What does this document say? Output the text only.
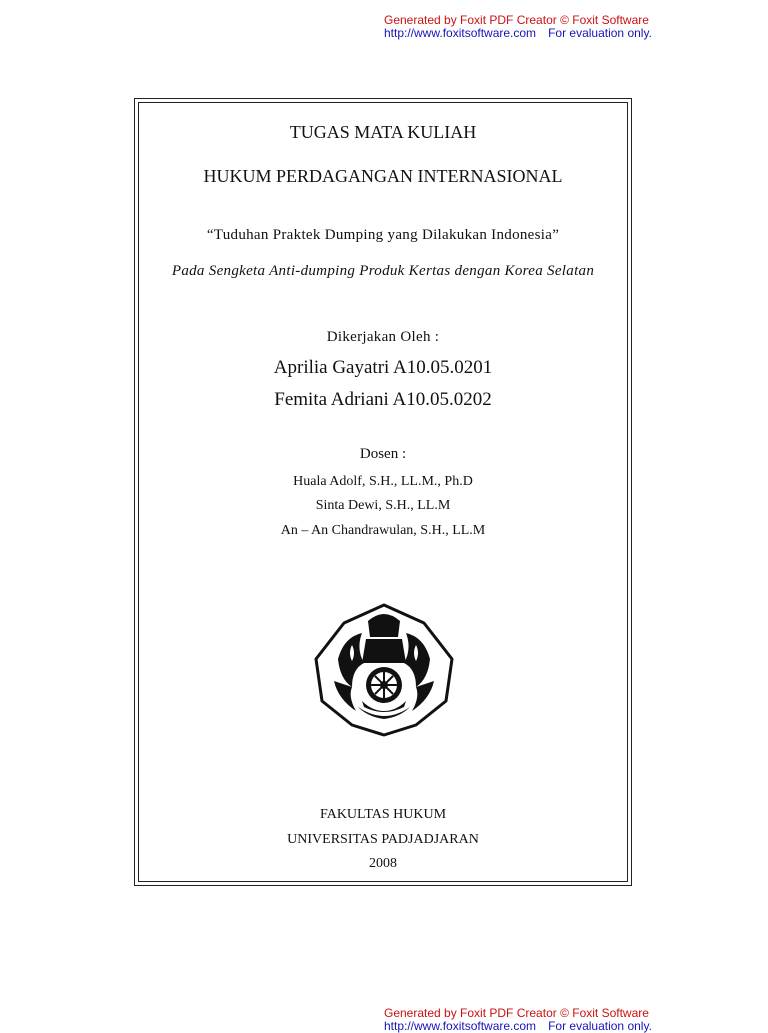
Generated by Foxit PDF Creator © Foxit Software
http://www.foxitsoftware.com For evaluation only.
TUGAS MATA KULIAH
HUKUM PERDAGANGAN INTERNASIONAL
“Tuduhan Praktek Dumping yang Dilakukan Indonesia”
Pada Sengketa Anti-dumping Produk Kertas dengan Korea Selatan
Dikerjakan Oleh :
Aprilia Gayatri A10.05.0201
Femita Adriani A10.05.0202
Dosen :
Huala Adolf, S.H., LL.M., Ph.D
Sinta Dewi, S.H., LL.M
An – An Chandrawulan, S.H., LL.M
FAKULTAS HUKUM
UNIVERSITAS PADJADJARAN
2008
Generated by Foxit PDF Creator © Foxit Software
http://www.foxitsoftware.com For evaluation only.
